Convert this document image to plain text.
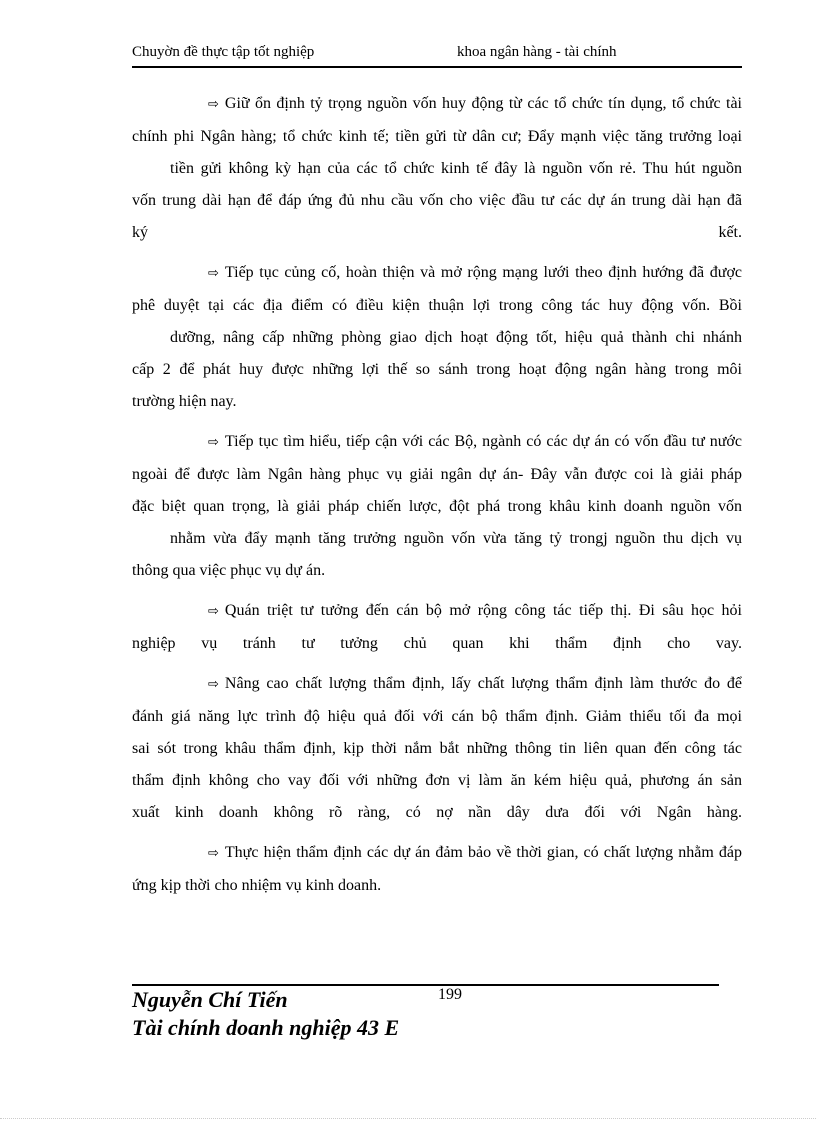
Chuyờn đề thực tập tốt nghiệp	khoa ngân hàng - tài chính
⇨ Giữ ổn định tỷ trọng nguồn vốn huy động từ các tổ chức tín dụng, tổ chức tài
chính phi Ngân hàng; tổ chức kinh tế; tiền gửi từ dân cư; Đẩy mạnh việc tăng trưởng loại
tiền gửi không kỳ hạn của các tổ chức kinh tế đây là nguồn vốn rẻ. Thu hút nguồn
vốn trung dài hạn để đáp ứng đủ nhu cầu vốn cho việc đầu tư các dự án trung dài hạn đã
ký kết.
⇨ Tiếp tục củng cố, hoàn thiện và mở rộng mạng lưới theo định hướng đã được
phê duyệt tại các địa điểm có điều kiện thuận lợi trong công tác huy động vốn. Bồi
dưỡng, nâng cấp những phòng giao dịch hoạt động tốt, hiệu quả thành chi nhánh
cấp 2 để phát huy được những lợi thế so sánh trong hoạt động ngân hàng trong môi
trường hiện nay.
⇨ Tiếp tục tìm hiểu, tiếp cận với các Bộ, ngành có các dự án có vốn đầu tư nước
ngoài để được làm Ngân hàng phục vụ giải ngân dự án- Đây vẫn được coi là giải pháp
đặc biệt quan trọng, là giải pháp chiến lược, đột phá trong khâu kinh doanh nguồn vốn
nhằm vừa đẩy mạnh tăng trưởng nguồn vốn vừa tăng tỷ trongj nguồn thu dịch vụ
thông qua việc phục vụ dự án.
⇨ Quán triệt tư tưởng đến cán bộ mở rộng công tác tiếp thị. Đi sâu học hỏi
nghiệp vụ tránh tư tưởng chủ quan khi thẩm định cho vay.
⇨ Nâng cao chất lượng thẩm định, lấy chất lượng thẩm định làm thước đo để
đánh giá năng lực trình độ hiệu quả đối với cán bộ thẩm định. Giảm thiểu tối đa mọi
sai sót trong khâu thẩm định, kịp thời nắm bắt những thông tin liên quan đến công tác
thẩm định không cho vay đối với những đơn vị làm ăn kém hiệu quả, phương án sản
xuất kinh doanh không rõ ràng, có nợ nần dây dưa đối với Ngân hàng.
⇨ Thực hiện thẩm định các dự án đảm bảo về thời gian, có chất lượng nhằm đáp
ứng kịp thời cho nhiệm vụ kinh doanh.
199
Nguyễn Chí Tiến
Tài chính doanh nghiệp 43 E
